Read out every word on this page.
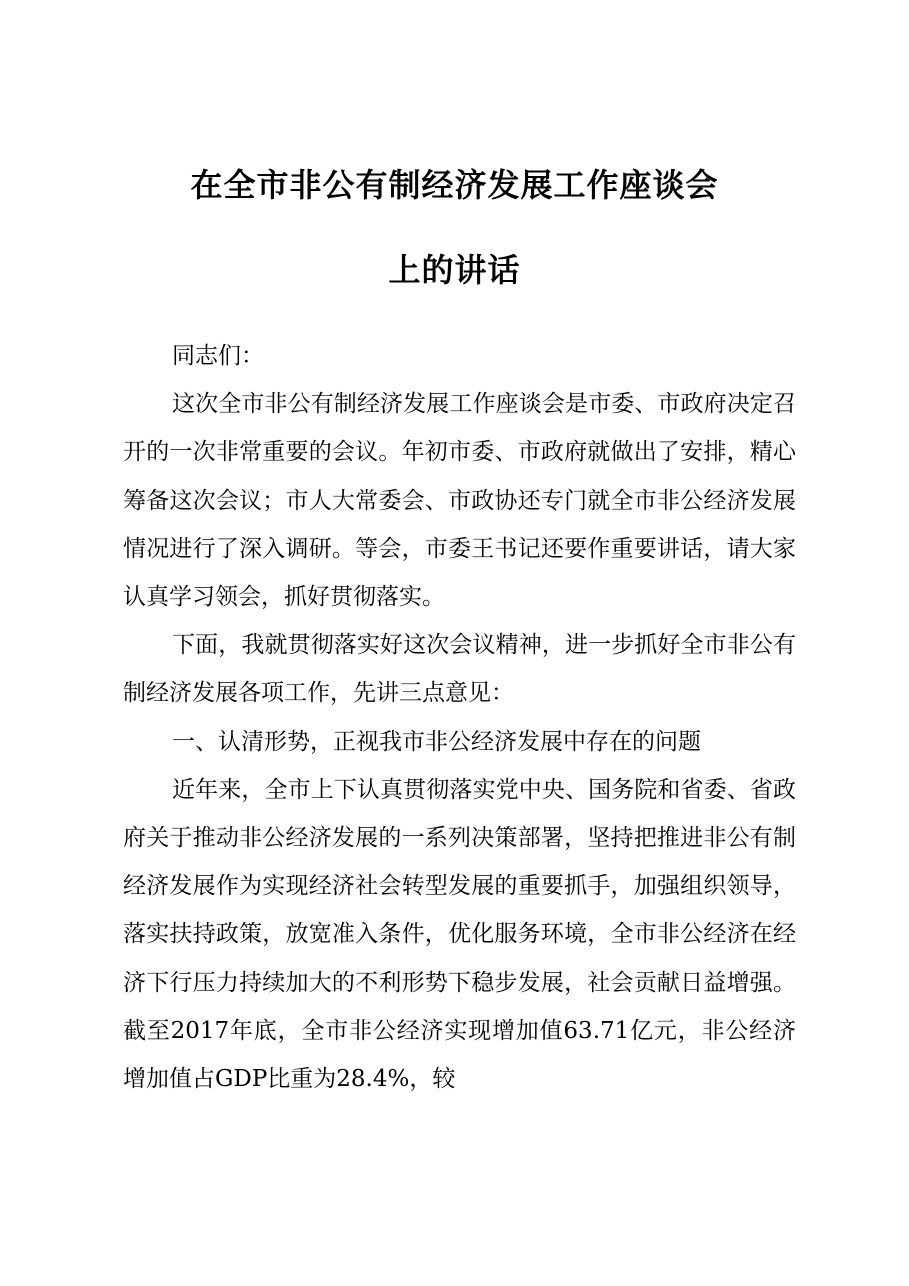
在全市非公有制经济发展工作座谈会
上的讲话

同志们：

这次全市非公有制经济发展工作座谈会是市委、市政府决定召开的一次非常重要的会议。年初市委、市政府就做出了安排，精心筹备这次会议；市人大常委会、市政协还专门就全市非公经济发展情况进行了深入调研。等会，市委王书记还要作重要讲话，请大家认真学习领会，抓好贯彻落实。

下面，我就贯彻落实好这次会议精神，进一步抓好全市非公有制经济发展各项工作，先讲三点意见：

一、认清形势，正视我市非公经济发展中存在的问题

近年来，全市上下认真贯彻落实党中央、国务院和省委、省政府关于推动非公经济发展的一系列决策部署，坚持把推进非公有制经济发展作为实现经济社会转型发展的重要抓手，加强组织领导，落实扶持政策，放宽准入条件，优化服务环境，全市非公经济在经济下行压力持续加大的不利形势下稳步发展，社会贡献日益增强。截至2017年底，全市非公经济实现增加值63.71亿元，非公经济增加值占GDP比重为28.4%，较
